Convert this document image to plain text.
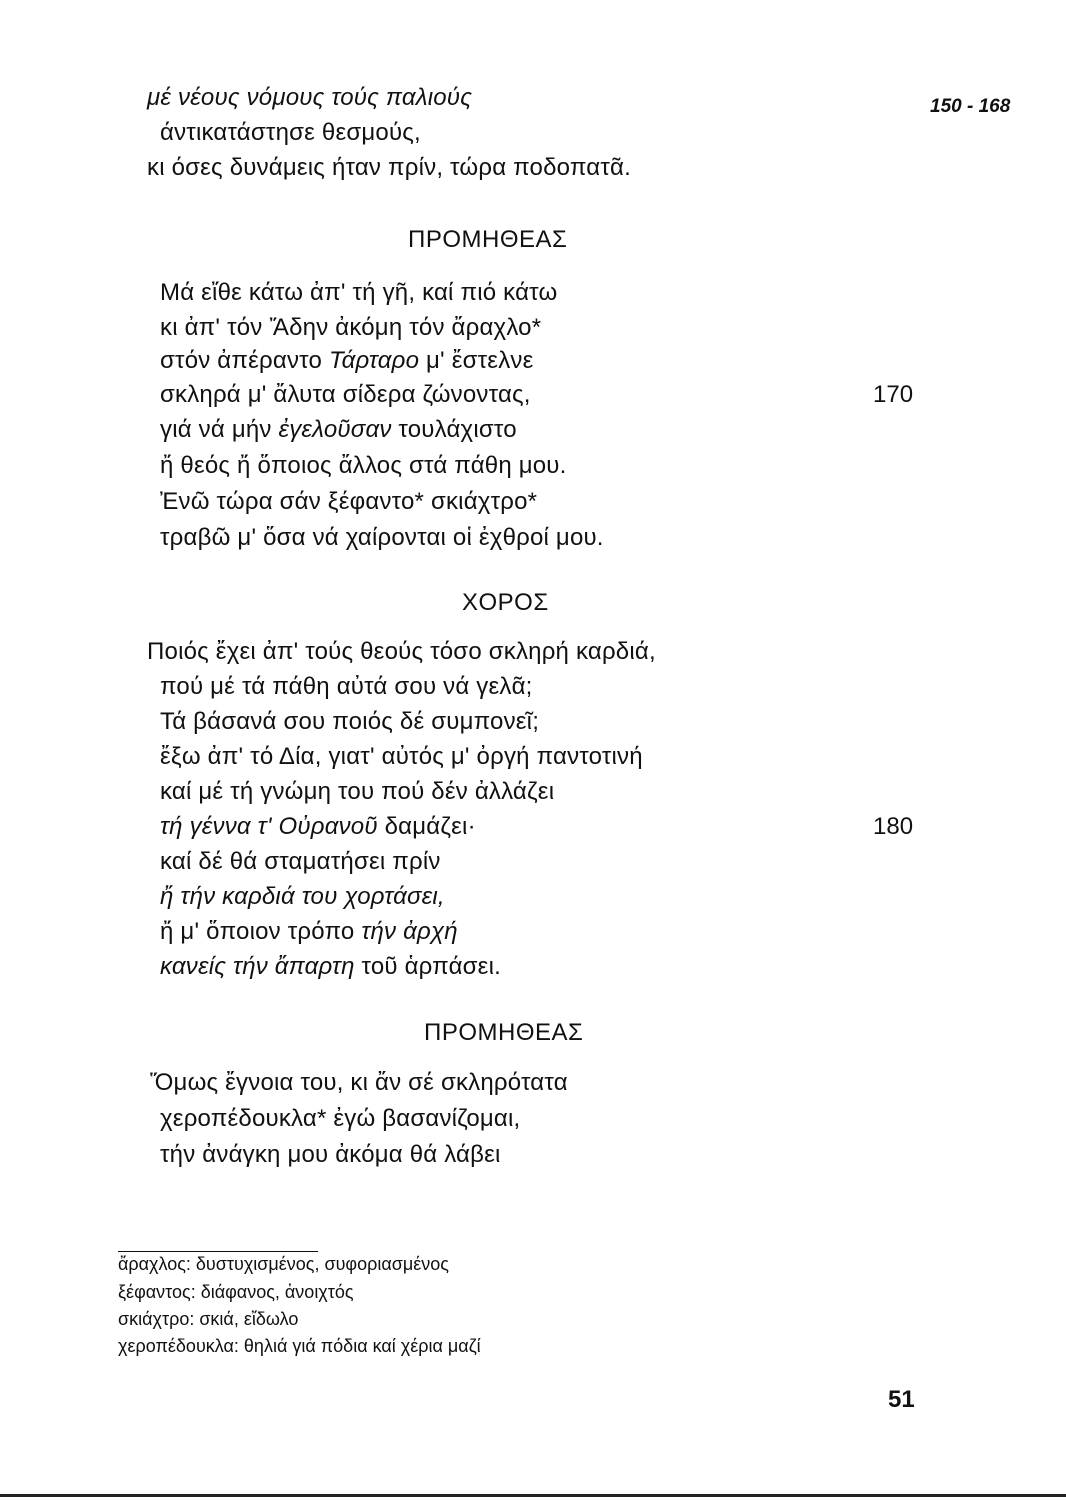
150 - 168
μέ νέους νόμους τούς παλιούς
άντικατάστησε θεσμούς,
κι όσες δυνάμεις ήταν πρίν, τώρα ποδοπατᾶ.
ΠΡΟΜΗΘΕΑΣ
Μά εἴθε κάτω ἀπ' τή γῆ, καί πιό κάτω
κι ἀπ' τόν Ἄδην ἀκόμη τόν ἄραχλο*
στόν ἀπέραντο Τάρταρο μ' ἔστελνε
σκληρά μ' ἄλυτα σίδερα ζώνοντας,	170
γιά νά μήν ἐγελοῦσαν τουλάχιστο
ἤ θεός ἤ ὅποιος ἄλλος στά πάθη μου.
Ἐνῶ τώρα σάν ξέφαντο* σκιάχτρο*
τραβῶ μ' ὅσα νά χαίρονται οἱ ἐχθροί μου.
ΧΟΡΟΣ
Ποιός ἔχει ἀπ' τούς θεούς τόσο σκληρή καρδιά,
πού μέ τά πάθη αὐτά σου νά γελᾶ;
Τά βάσανά σου ποιός δέ συμπονεῖ;
ἔξω ἀπ' τό Δία, γιατ' αὐτός μ' ὀργή παντοτινή
καί μέ τή γνώμη του πού δέν ἀλλάζει
τή γέννα τ' Οὐρανοῦ δαμάζει·	180
καί δέ θά σταματήσει πρίν
ἤ τήν καρδιά του χορτάσει,
ἤ μ' ὅποιον τρόπο τήν ἀρχή
κανείς τήν ἄπαρτη τοῦ ἁρπάσει.
ΠΡΟΜΗΘΕΑΣ
Ὅμως ἔγνοια του, κι ἄν σέ σκληρότατα
χεροπέδουκλα* ἐγώ βασανίζομαι,
τήν ἀνάγκη μου ἀκόμα θά λάβει
ἄραχλος: δυστυχισμένος, συφοριασμένος
ξέφαντος: διάφανος, ἀνοιχτός
σκιάχτρο: σκιά, εἴδωλο
χεροπέδουκλα: θηλιά γιά πόδια καί χέρια μαζί
51
